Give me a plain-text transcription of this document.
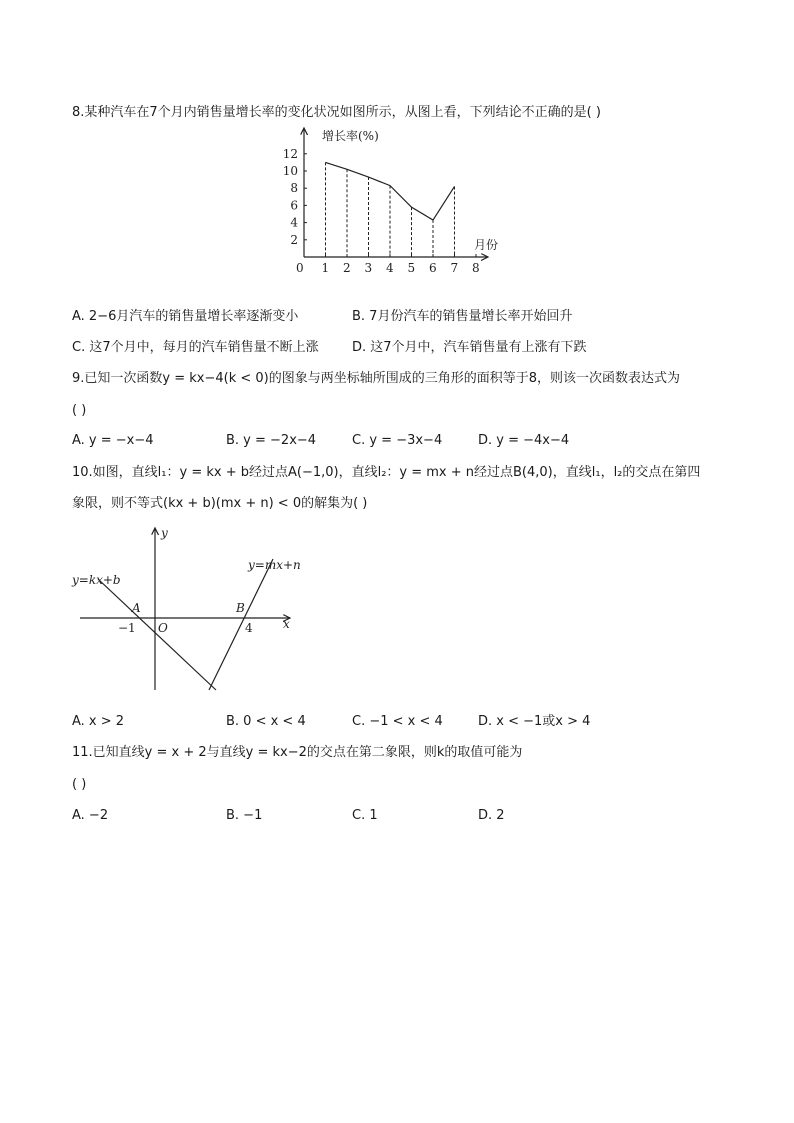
8.某种汽车在7个月内销售量增长率的变化状况如图所示，从图上看，下列结论不正确的是( )
增长率(%)
月份
0 1 2 3 4 5 6 7 8
2
4
6
8
10
12
A. 2−6月汽车的销售量增长率逐渐变小	B. 7月份汽车的销售量增长率开始回升
C. 这7个月中，每月的汽车销售量不断上涨	D. 这7个月中，汽车销售量有上涨有下跌
9.已知一次函数y = kx−4(k < 0)的图象与两坐标轴所围成的三角形的面积等于8，则该一次函数表达式为
( )
A. y = −x−4	B. y = −2x−4	C. y = −3x−4	D. y = −4x−4
10.如图，直线l₁：y = kx + b经过点A(−1,0)，直线l₂：y = mx + n经过点B(4,0)，直线l₁，l₂的交点在第四
象限，则不等式(kx + b)(mx + n) < 0的解集为( )
y
x
y=kx+b
y=mx+n
A	B
−1 O	4
A. x > 2	B. 0 < x < 4	C. −1 < x < 4	D. x < −1或x > 4
11.已知直线y = x + 2与直线y = kx−2的交点在第二象限，则k的取值可能为
( )
A. −2	B. −1	C. 1	D. 2
